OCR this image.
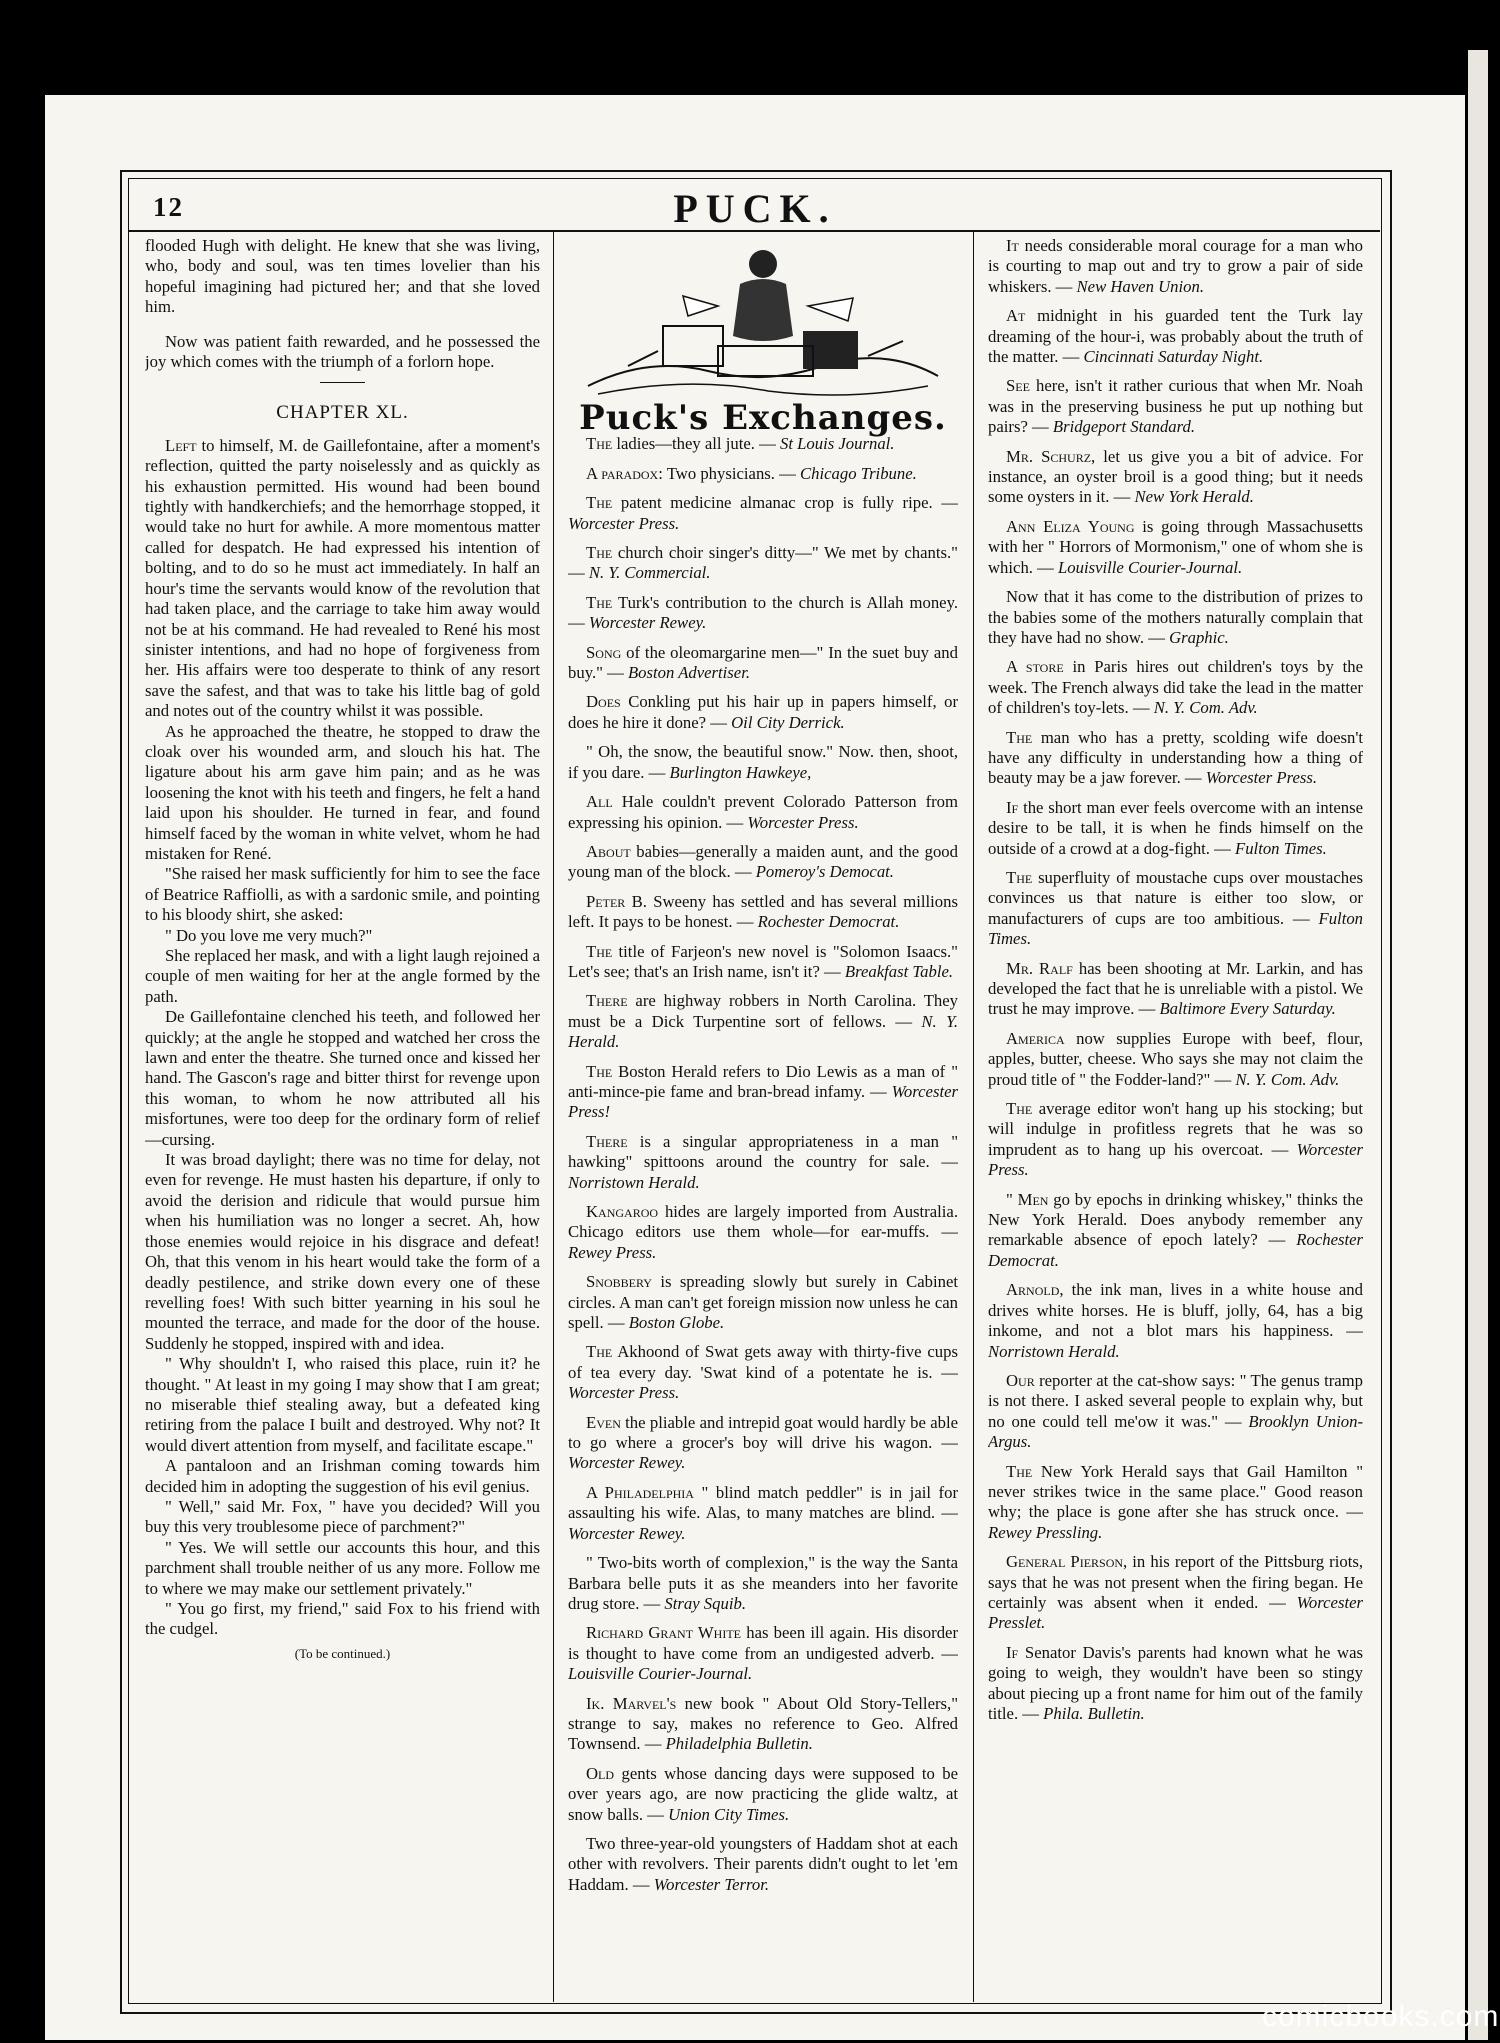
12	PUCK.

flooded Hugh with delight. He knew that she was living, who, body and soul, was ten times lovelier than his hopeful imagining had pictured her; and that she loved him.

Now was patient faith rewarded, and he possessed the joy which comes with the triumph of a forlorn hope.

CHAPTER XL.

Left to himself, M. de Gaillefontaine, after a moment's reflection, quitted the party noiselessly and as quickly as his exhaustion permitted. His wound had been bound tightly with handkerchiefs; and the hemorrhage stopped, it would take no hurt for awhile. A more momentous matter called for despatch. He had expressed his intention of bolting, and to do so he must act immediately. In half an hour's time the servants would know of the revolution that had taken place, and the carriage to take him away would not be at his command. He had revealed to René his most sinister intentions, and had no hope of forgiveness from her. His affairs were too desperate to think of any resort save the safest, and that was to take his little bag of gold and notes out of the country whilst it was possible.

As he approached the theatre, he stopped to draw the cloak over his wounded arm, and slouch his hat. The ligature about his arm gave him pain; and as he was loosening the knot with his teeth and fingers, he felt a hand laid upon his shoulder. He turned in fear, and found himself faced by the woman in white velvet, whom he had mistaken for René.

"She raised her mask sufficiently for him to see the face of Beatrice Raffiolli, as with a sardonic smile, and pointing to his bloody shirt, she asked:

" Do you love me very much?"

She replaced her mask, and with a light laugh rejoined a couple of men waiting for her at the angle formed by the path.

De Gaillefontaine clenched his teeth, and followed her quickly; at the angle he stopped and watched her cross the lawn and enter the theatre. She turned once and kissed her hand. The Gascon's rage and bitter thirst for revenge upon this woman, to whom he now attributed all his misfortunes, were too deep for the ordinary form of relief—cursing.

It was broad daylight; there was no time for delay, not even for revenge. He must hasten his departure, if only to avoid the derision and ridicule that would pursue him when his humiliation was no longer a secret. Ah, how those enemies would rejoice in his disgrace and defeat! Oh, that this venom in his heart would take the form of a deadly pestilence, and strike down every one of these revelling foes! With such bitter yearning in his soul he mounted the terrace, and made for the door of the house. Suddenly he stopped, inspired with and idea.

" Why shouldn't I, who raised this place, ruin it? he thought. " At least in my going I may show that I am great; no miserable thief stealing away, but a defeated king retiring from the palace I built and destroyed. Why not? It would divert attention from myself, and facilitate escape."

A pantaloon and an Irishman coming towards him decided him in adopting the suggestion of his evil genius.

" Well," said Mr. Fox, " have you decided? Will you buy this very troublesome piece of parchment?"

" Yes. We will settle our accounts this hour, and this parchment shall trouble neither of us any more. Follow me to where we may make our settlement privately."

" You go first, my friend," said Fox to his friend with the cudgel.

(To be continued.)
Puck's Exchanges.
The ladies—they all jute. — St Louis Journal.
A paradox: Two physicians. — Chicago Tribune.
The patent medicine almanac crop is fully ripe. — Worcester Press.
The church choir singer's ditty—" We met by chants." — N. Y. Commercial.
The Turk's contribution to the church is Allah money. — Worcester Rewey.
Song of the oleomargarine men—" In the suet buy and buy." — Boston Advertiser.
Does Conkling put his hair up in papers himself, or does he hire it done? — Oil City Derrick.
" Oh, the snow, the beautiful snow." Now. then, shoot, if you dare. — Burlington Hawkeye,
All Hale couldn't prevent Colorado Patterson from expressing his opinion. — Worcester Press.
About babies—generally a maiden aunt, and the good young man of the block. — Pomeroy's Democat.
Peter B. Sweeny has settled and has several millions left. It pays to be honest. — Rochester Democrat.
The title of Farjeon's new novel is "Solomon Isaacs." Let's see; that's an Irish name, isn't it? — Breakfast Table.
There are highway robbers in North Carolina. They must be a Dick Turpentine sort of fellows. — N. Y. Herald.
The Boston Herald refers to Dio Lewis as a man of " anti-mince-pie fame and bran-bread infamy. — Worcester Press!
There is a singular appropriateness in a man " hawking" spittoons around the country for sale. — Norristown Herald.
Kangaroo hides are largely imported from Australia. Chicago editors use them whole—for ear-muffs. — Rewey Press.
Snobbery is spreading slowly but surely in Cabinet circles. A man can't get foreign mission now unless he can spell. — Boston Globe.
The Akhoond of Swat gets away with thirty-five cups of tea every day. 'Swat kind of a potentate he is. — Worcester Press.
Even the pliable and intrepid goat would hardly be able to go where a grocer's boy will drive his wagon. — Worcester Rewey.
A Philadelphia " blind match peddler" is in jail for assaulting his wife. Alas, to many matches are blind. — Worcester Rewey.
" Two-bits worth of complexion," is the way the Santa Barbara belle puts it as she meanders into her favorite drug store. — Stray Squib.
Richard Grant White has been ill again. His disorder is thought to have come from an undigested adverb. — Louisville Courier-Journal.
Ik. Marvel's new book " About Old Story-Tellers," strange to say, makes no reference to Geo. Alfred Townsend. — Philadelphia Bulletin.
Old gents whose dancing days were supposed to be over years ago, are now practicing the glide waltz, at snow balls. — Union City Times.
Two three-year-old youngsters of Haddam shot at each other with revolvers. Their parents didn't ought to let 'em Haddam. — Worcester Terror.
It needs considerable moral courage for a man who is courting to map out and try to grow a pair of side whiskers. — New Haven Union.
At midnight in his guarded tent the Turk lay dreaming of the hour-i, was probably about the truth of the matter. — Cincinnati Saturday Night.
See here, isn't it rather curious that when Mr. Noah was in the preserving business he put up nothing but pairs? — Bridgeport Standard.
Mr. Schurz, let us give you a bit of advice. For instance, an oyster broil is a good thing; but it needs some oysters in it. — New York Herald.
Ann Eliza Young is going through Massachusetts with her " Horrors of Mormonism," one of whom she is which. — Louisville Courier-Journal.
Now that it has come to the distribution of prizes to the babies some of the mothers naturally complain that they have had no show. — Graphic.
A store in Paris hires out children's toys by the week. The French always did take the lead in the matter of children's toy-lets. — N. Y. Com. Adv.
The man who has a pretty, scolding wife doesn't have any difficulty in understanding how a thing of beauty may be a jaw forever. — Worcester Press.
If the short man ever feels overcome with an intense desire to be tall, it is when he finds himself on the outside of a crowd at a dog-fight. — Fulton Times.
The superfluity of moustache cups over moustaches convinces us that nature is either too slow, or manufacturers of cups are too ambitious. — Fulton Times.
Mr. Ralf has been shooting at Mr. Larkin, and has developed the fact that he is unreliable with a pistol. We trust he may improve. — Baltimore Every Saturday.
America now supplies Europe with beef, flour, apples, butter, cheese. Who says she may not claim the proud title of " the Fodder-land?" — N. Y. Com. Adv.
The average editor won't hang up his stocking; but will indulge in profitless regrets that he was so imprudent as to hang up his overcoat. — Worcester Press.
" Men go by epochs in drinking whiskey," thinks the New York Herald. Does anybody remember any remarkable absence of epoch lately? — Rochester Democrat.
Arnold, the ink man, lives in a white house and drives white horses. He is bluff, jolly, 64, has a big inkome, and not a blot mars his happiness. — Norristown Herald.
Our reporter at the cat-show says: " The genus tramp is not there. I asked several people to explain why, but no one could tell me'ow it was." — Brooklyn Union-Argus.
The New York Herald says that Gail Hamilton " never strikes twice in the same place." Good reason why; the place is gone after she has struck once. — Rewey Pressling.
General Pierson, in his report of the Pittsburg riots, says that he was not present when the firing began. He certainly was absent when it ended. — Worcester Presslet.
If Senator Davis's parents had known what he was going to weigh, they wouldn't have been so stingy about piecing up a front name for him out of the family title. — Phila. Bulletin.
comicbooks.com
